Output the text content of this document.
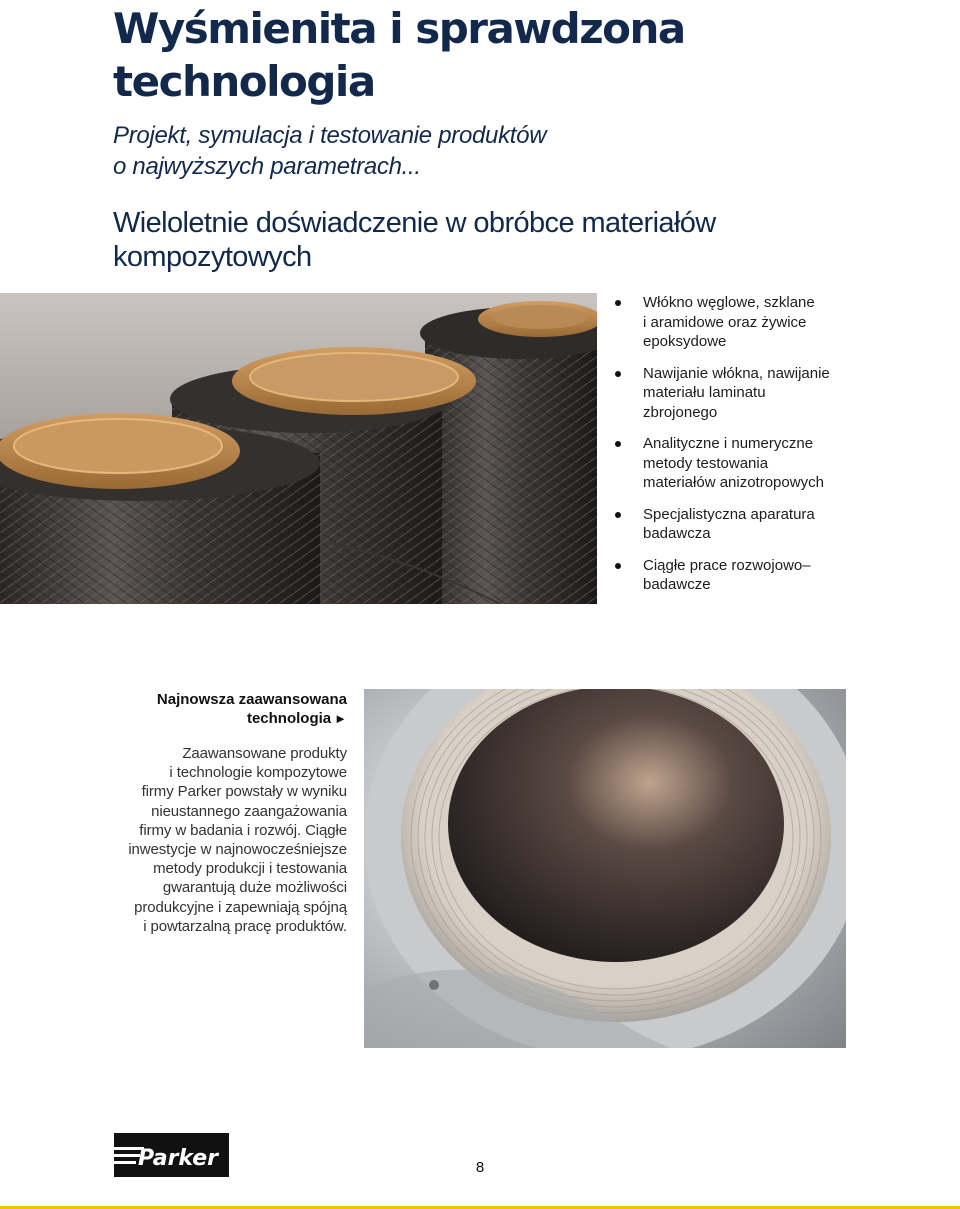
Wyśmienita i sprawdzona
technologia

Projekt, symulacja i testowanie produktów
o najwyższych parametrach...

Wieloletnie doświadczenie w obróbce materiałów
kompozytowych

Włókno węglowe, szklane
i aramidowe oraz żywice
epoksydowe
Nawijanie włókna, nawijanie
materiału laminatu
zbrojonego
Analityczne i numeryczne
metody testowania
materiałów anizotropowych
Specjalistyczna aparatura
badawcza
Ciągłe prace rozwojowo–
badawcze
Najnowsza zaawansowana
technologia ►

Zaawansowane produkty
i technologie kompozytowe
firmy Parker powstały w wyniku
nieustannego zaangażowania
firmy w badania i rozwój. Ciągłe
inwestycje w najnowocześniejsze
metody produkcji i testowania
gwarantują duże możliwości
produkcyjne i zapewniają spójną
i powtarzalną pracę produktów.

Parker	8
